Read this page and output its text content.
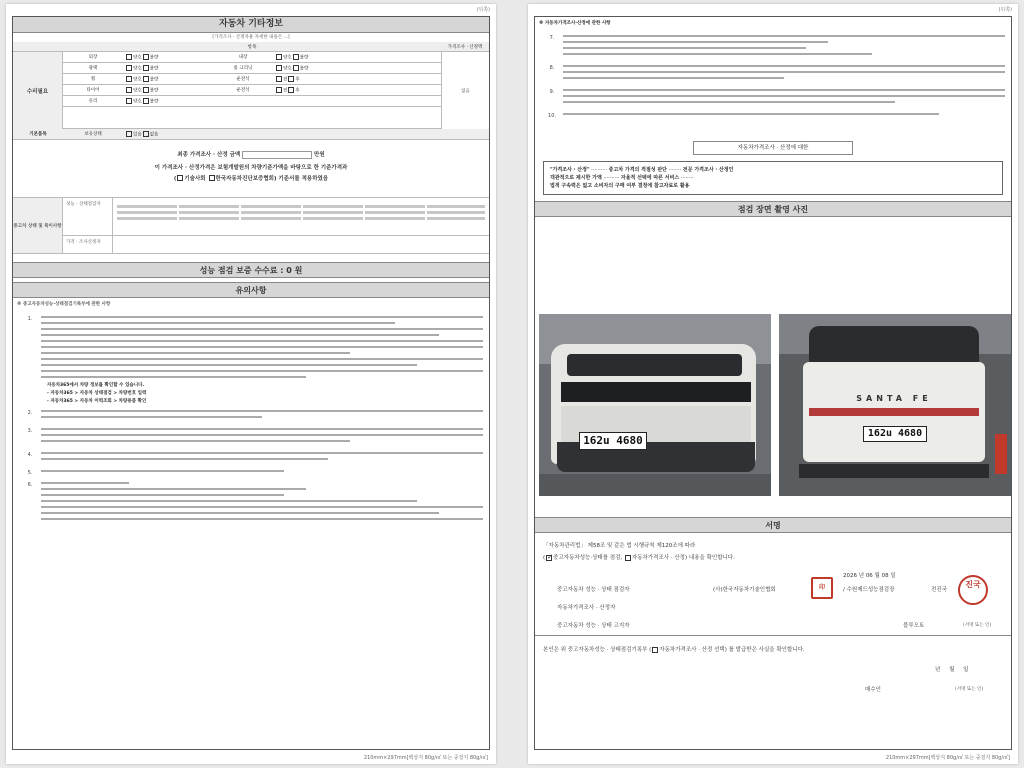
(뒤쪽)
자동차 기타정보
[가격조사 · 산정자용 자세한 내용은 ...]
항목	가격조사 · 산정액
수리필요
외장	양호 불량	내장	양호 불량
광택	양호 불량	룸 크리닝	양호 불량
휠	양호 불량	운전석	전 후
타이어	양호 불량	운전석	전 후
유리	양호 불량
없음
기본품목	보유상태	있음 없음
최종 가격조사 · 산정 금액	만원
이 가격조사 · 산정가격은 보험개발원의 차량기준가액을 바탕으로 한 기준가격과
( 기술사회 한국자동차진단보증협회) 기준서를 적용하였음
중고차 상태 및 특이사항
성능 · 상태점검자
가격 · 조사산정자
성능 점검 보증 수수료 : 0 원
유의사항
※ 중고자동차성능·상태점검기록부에 관한 사항
1.
자동차365에서 차량 정보를 확인할 수 있습니다.
- 자동차365 > 자동차 상태점검 > 차량번호 입력
- 자동차365 > 자동차 이력조회 > 차량용품 확인
2.
3.
4.
5.
6.
210mm×297mm[백상지 80g/㎡ 또는 중질지 80g/㎡]
(뒤쪽)
※ 자동차가격조사·산정에 관한 사항
7.
8.
9.
10.
자동차가격조사 · 산정에 대한
"가격조사 · 산정" ·········· 중고차 가격의 적절성 판단 ········ 전문 가격조사 · 산정인
객관적으로 제시한 가액 ·········· 자율적 선택에 따른 서비스 ········
법적 구속력은 없고 소비자의 구매 여부 결정에 참고자료로 활용
점검 장면 촬영 사진
162u 4680
SANTA FE
162u 4680
서명
「자동차관리법」 제58조 및 같은 법 시행규칙 제120조에 따라
( ✓ 중고자동차성능·상태를 점검, 자동차가격조사 · 산정) 내용을 확인합니다.
2026 년 06 월 08 일
중고자동차 성능 · 상태 점검자	(사)한국자동차기술인협회	/ 수원제드성능점검장	전진국
印	진국
자동차가격조사 · 산정자
중고자동차 성능 · 상태 고지자	블루오토	(서명 또는 인)
본인은 위 중고자동차성능 · 상태점검기록부 ( 자동차가격조사 · 산정 선택) 를 발급받은 사실을 확인합니다.
년 월 일
매수인	(서명 또는 인)
210mm×297mm[백상지 80g/㎡ 또는 중질지 80g/㎡]
